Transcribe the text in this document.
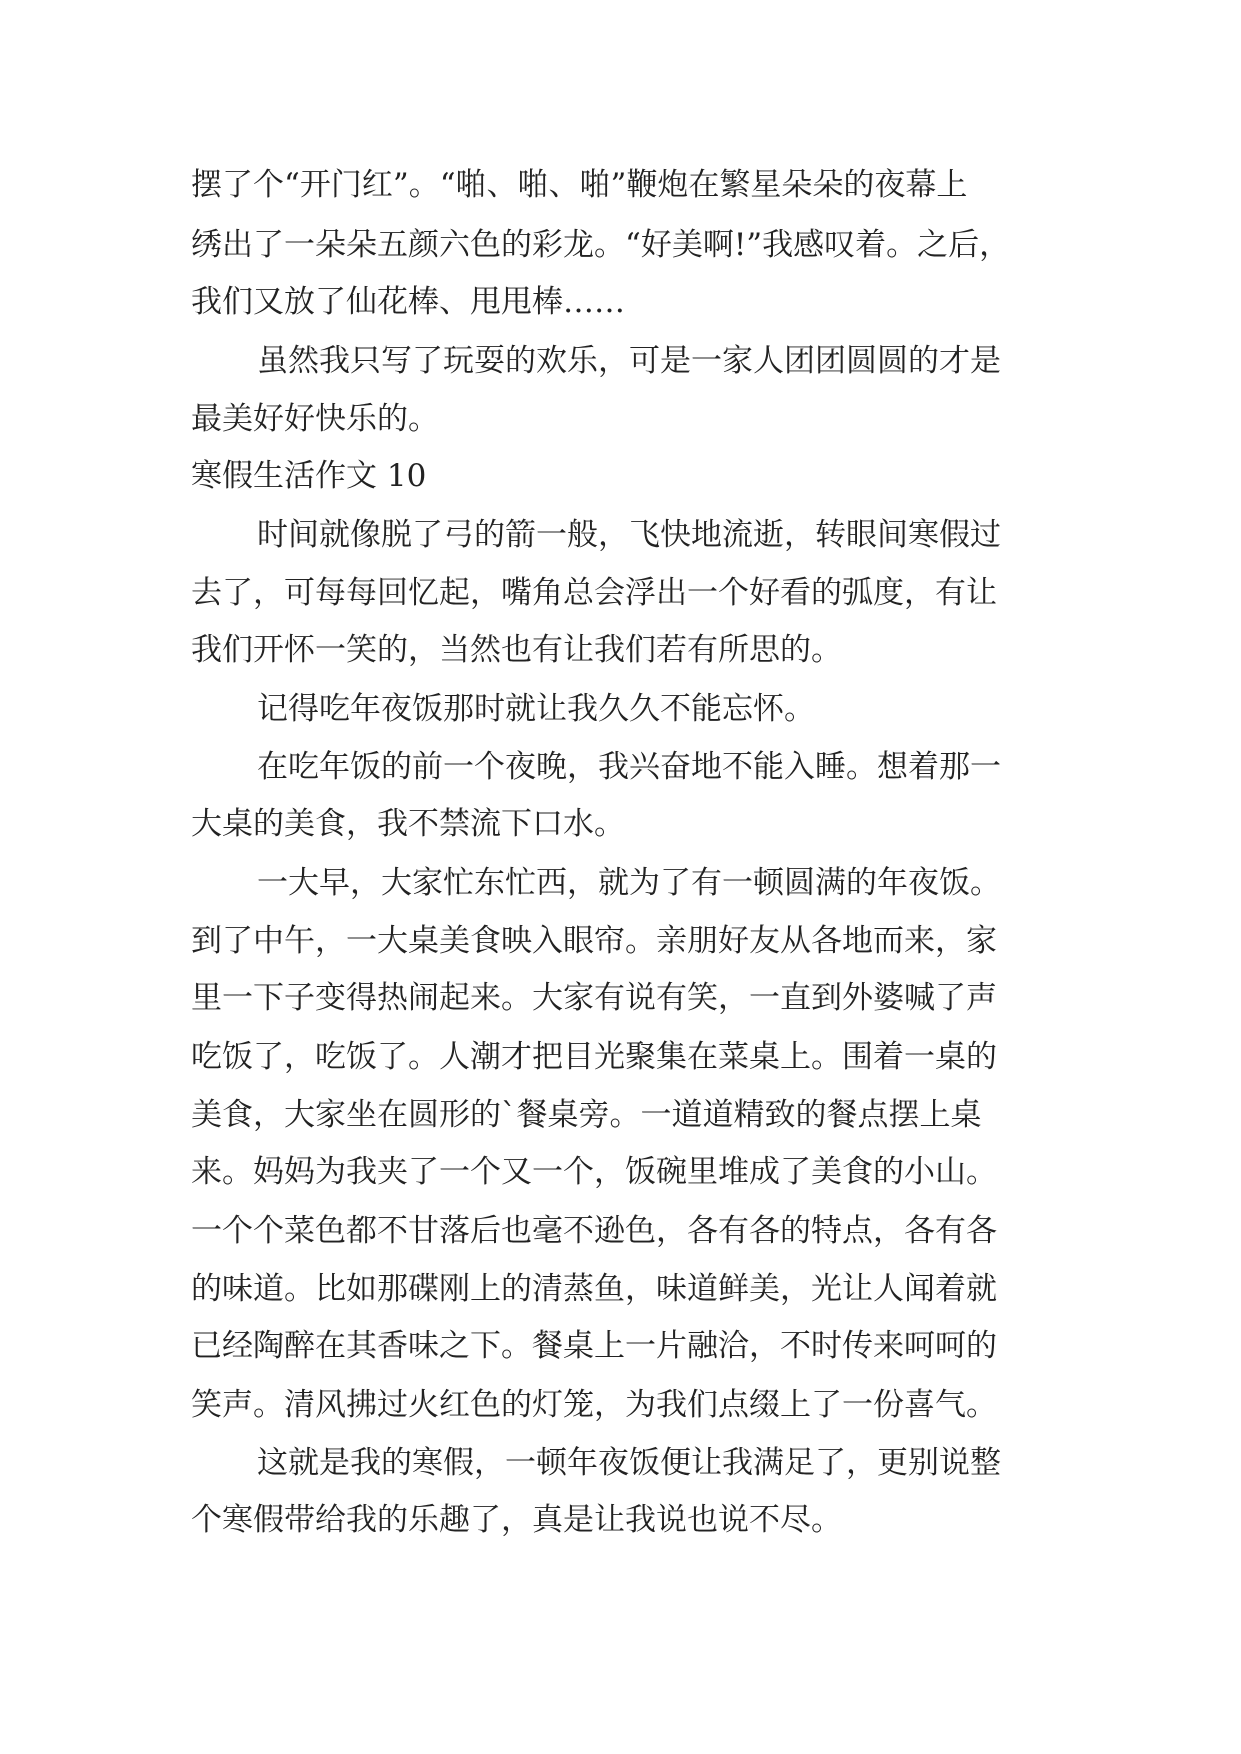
摆了个“开门红”。“啪、啪、啪”鞭炮在繁星朵朵的夜幕上
绣出了一朵朵五颜六色的彩龙。“好美啊!”我感叹着。之后，
我们又放了仙花棒、甩甩棒……
虽然我只写了玩耍的欢乐，可是一家人团团圆圆的才是
最美好好快乐的。
寒假生活作文 10
时间就像脱了弓的箭一般，飞快地流逝，转眼间寒假过
去了，可每每回忆起，嘴角总会浮出一个好看的弧度，有让
我们开怀一笑的，当然也有让我们若有所思的。
记得吃年夜饭那时就让我久久不能忘怀。
在吃年饭的前一个夜晚，我兴奋地不能入睡。想着那一
大桌的美食，我不禁流下口水。
一大早，大家忙东忙西，就为了有一顿圆满的年夜饭。
到了中午，一大桌美食映入眼帘。亲朋好友从各地而来，家
里一下子变得热闹起来。大家有说有笑，一直到外婆喊了声
吃饭了，吃饭了。人潮才把目光聚集在菜桌上。围着一桌的
美食，大家坐在圆形的`餐桌旁。一道道精致的餐点摆上桌
来。妈妈为我夹了一个又一个，饭碗里堆成了美食的小山。
一个个菜色都不甘落后也毫不逊色，各有各的特点，各有各
的味道。比如那碟刚上的清蒸鱼，味道鲜美，光让人闻着就
已经陶醉在其香味之下。餐桌上一片融洽，不时传来呵呵的
笑声。清风拂过火红色的灯笼，为我们点缀上了一份喜气。
这就是我的寒假，一顿年夜饭便让我满足了，更别说整
个寒假带给我的乐趣了，真是让我说也说不尽。
